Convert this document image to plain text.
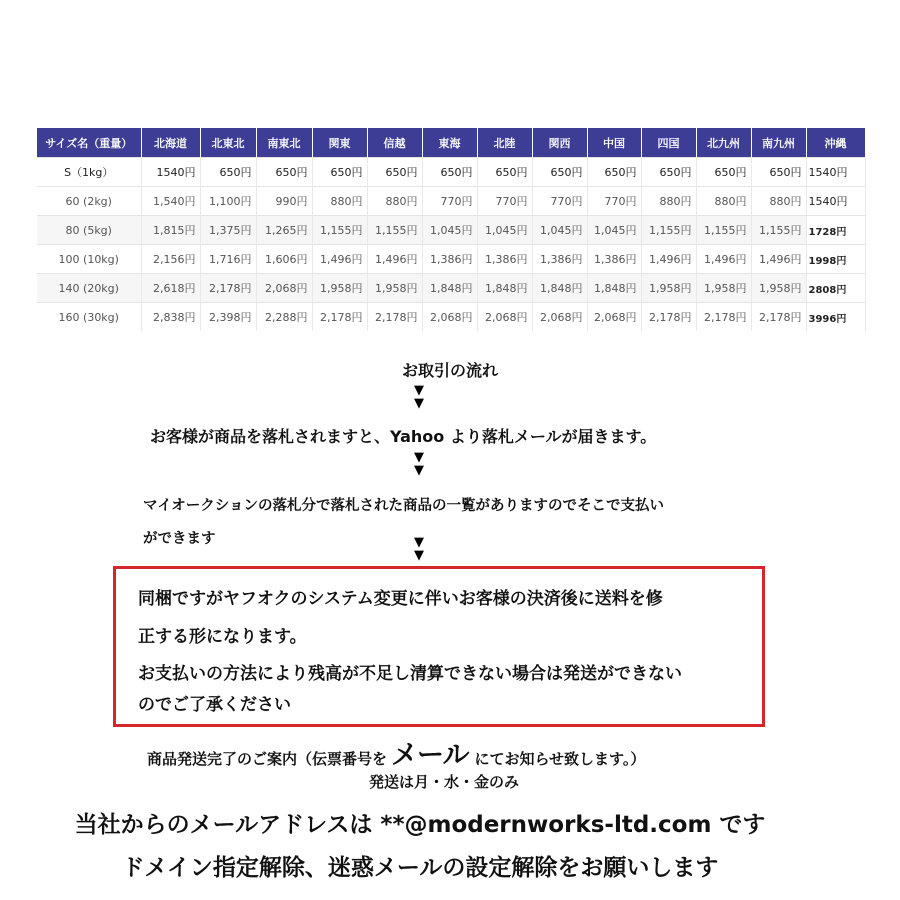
サイズ名（重量）	北海道	北東北	南東北	関東	信越	東海	北陸	関西	中国	四国	北九州	南九州	沖縄
S（1kg）	1540円	650円	650円	650円	650円	650円	650円	650円	650円	650円	650円	650円	1540円
60 (2kg)	1,540円	1,100円	990円	880円	880円	770円	770円	770円	770円	880円	880円	880円	1540円
80 (5kg)	1,815円	1,375円	1,265円	1,155円	1,155円	1,045円	1,045円	1,045円	1,045円	1,155円	1,155円	1,155円	1728円
100 (10kg)	2,156円	1,716円	1,606円	1,496円	1,496円	1,386円	1,386円	1,386円	1,386円	1,496円	1,496円	1,496円	1998円
140 (20kg)	2,618円	2,178円	2,068円	1,958円	1,958円	1,848円	1,848円	1,848円	1,848円	1,958円	1,958円	1,958円	2808円
160 (30kg)	2,838円	2,398円	2,288円	2,178円	2,178円	2,068円	2,068円	2,068円	2,068円	2,178円	2,178円	2,178円	3996円
お取引の流れ
▼
▼
お客様が商品を落札されますと、Yahoo より落札メールが届きます。
▼
▼
マイオークションの落札分で落札された商品の一覧がありますのでそこで支払い
ができます	▼
▼
同梱ですがヤフオクのシステム変更に伴いお客様の決済後に送料を修
正する形になります。
お支払いの方法により残高が不足し清算できない場合は発送ができない
のでご了承ください
商品発送完了のご案内（伝票番号を メール にてお知らせ致します。）
発送は月・水・金のみ
当社からのメールアドレスは **@modernworks-ltd.com です
ドメイン指定解除、迷惑メールの設定解除をお願いします
